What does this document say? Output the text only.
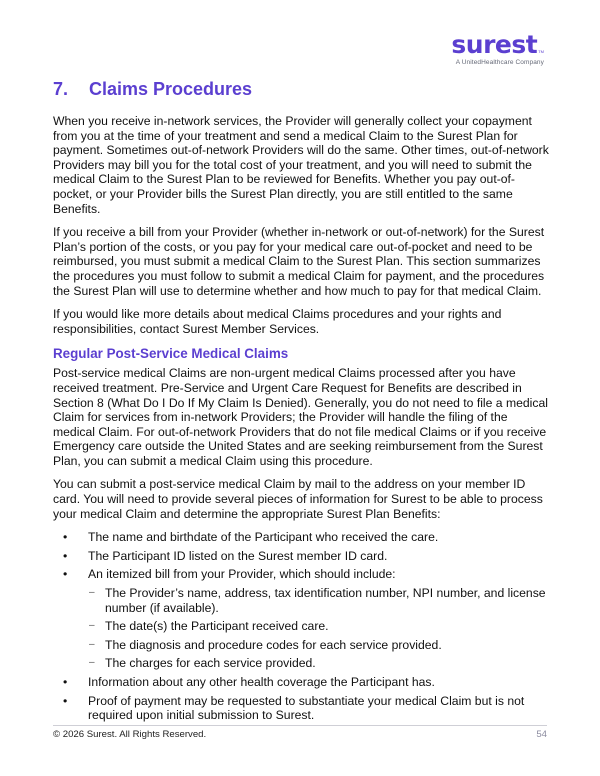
surest TM
A UnitedHealthcare Company
7. Claims Procedures

When you receive in-network services, the Provider will generally collect your copayment from you at the time of your treatment and send a medical Claim to the Surest Plan for payment. Sometimes out-of-network Providers will do the same. Other times, out-of-network Providers may bill you for the total cost of your treatment, and you will need to submit the medical Claim to the Surest Plan to be reviewed for Benefits. Whether you pay out-of-pocket, or your Provider bills the Surest Plan directly, you are still entitled to the same Benefits.

If you receive a bill from your Provider (whether in-network or out-of-network) for the Surest Plan’s portion of the costs, or you pay for your medical care out-of-pocket and need to be reimbursed, you must submit a medical Claim to the Surest Plan. This section summarizes the procedures you must follow to submit a medical Claim for payment, and the procedures the Surest Plan will use to determine whether and how much to pay for that medical Claim.

If you would like more details about medical Claims procedures and your rights and responsibilities, contact Surest Member Services.

Regular Post-Service Medical Claims

Post-service medical Claims are non-urgent medical Claims processed after you have received treatment. Pre-Service and Urgent Care Request for Benefits are described in Section 8 (What Do I Do If My Claim Is Denied). Generally, you do not need to file a medical Claim for services from in-network Providers; the Provider will handle the filing of the medical Claim. For out-of-network Providers that do not file medical Claims or if you receive Emergency care outside the United States and are seeking reimbursement from the Surest Plan, you can submit a medical Claim using this procedure.

You can submit a post-service medical Claim by mail to the address on your member ID card. You will need to provide several pieces of information for Surest to be able to process your medical Claim and determine the appropriate Surest Plan Benefits:

• The name and birthdate of the Participant who received the care.
• The Participant ID listed on the Surest member ID card.
• An itemized bill from your Provider, which should include:
– The Provider’s name, address, tax identification number, NPI number, and license number (if available).
– The date(s) the Participant received care.
– The diagnosis and procedure codes for each service provided.
– The charges for each service provided.
• Information about any other health coverage the Participant has.
• Proof of payment may be requested to substantiate your medical Claim but is not required upon initial submission to Surest.
© 2026 Surest. All Rights Reserved.	54
